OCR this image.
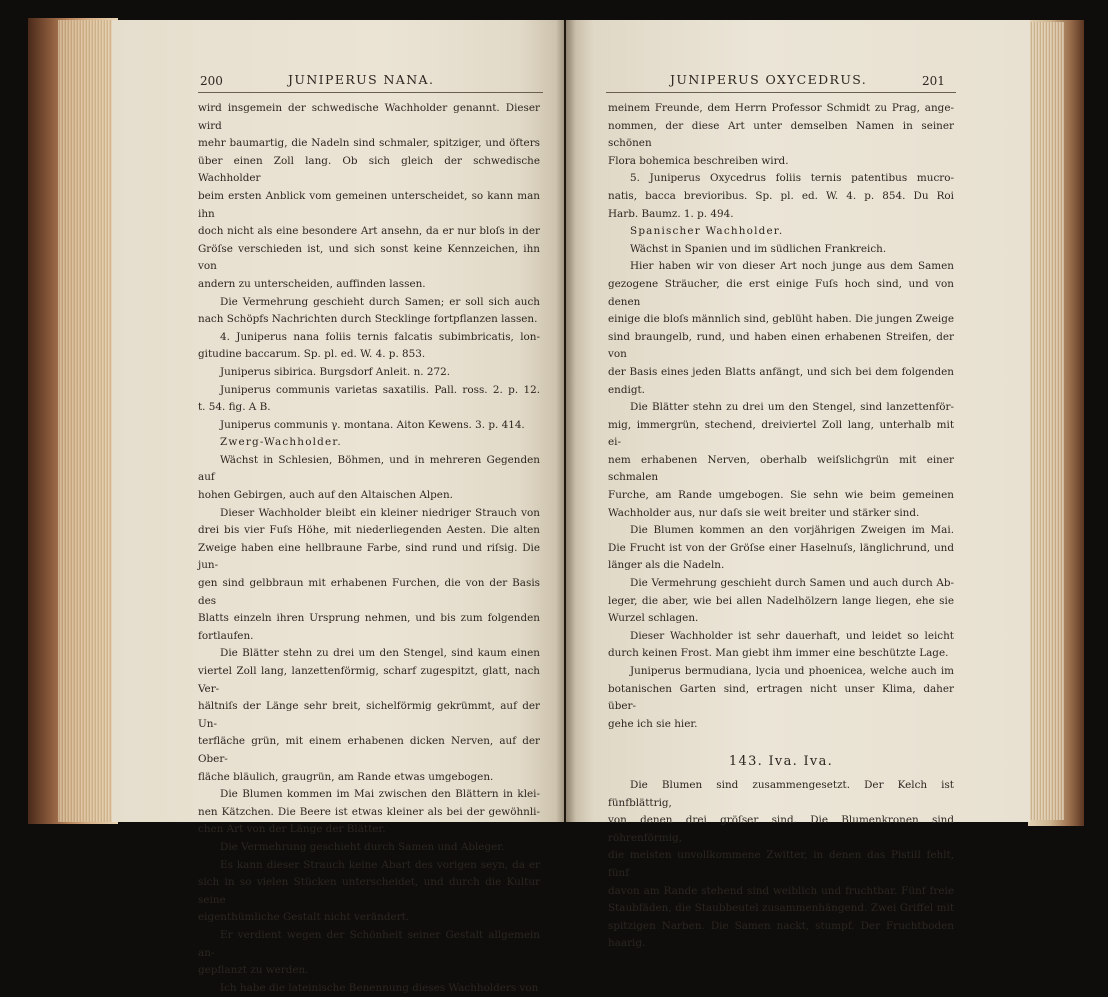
200	JUNIPERUS NANA.

wird insgemein der schwedische Wachholder genannt. Dieser wird

mehr baumartig, die Nadeln sind schmaler, spitziger, und öfters

über einen Zoll lang. Ob sich gleich der schwedische Wachholder

beim ersten Anblick vom gemeinen unterscheidet, so kann man ihn

doch nicht als eine besondere Art ansehn, da er nur bloſs in der

Gröſse verschieden ist, und sich sonst keine Kennzeichen, ihn von

andern zu unterscheiden, auffinden lassen.

Die Vermehrung geschieht durch Samen; er soll sich auch

nach Schöpfs Nachrichten durch Stecklinge fortpflanzen lassen.

4. Juniperus nana foliis ternis falcatis subimbricatis, lon-

gitudine baccarum. Sp. pl. ed. W. 4. p. 853.

Juniperus sibirica. Burgsdorf Anleit. n. 272.

Juniperus communis varietas saxatilis. Pall. ross. 2. p. 12.

t. 54. fig. A B.

Juniperus communis γ. montana. Aiton Kewens. 3. p. 414.

Zwerg-Wachholder.

Wächst in Schlesien, Böhmen, und in mehreren Gegenden auf

hohen Gebirgen, auch auf den Altaischen Alpen.

Dieser Wachholder bleibt ein kleiner niedriger Strauch von

drei bis vier Fuſs Höhe, mit niederliegenden Aesten. Die alten

Zweige haben eine hellbraune Farbe, sind rund und riſsig. Die jun-

gen sind gelbbraun mit erhabenen Furchen, die von der Basis des

Blatts einzeln ihren Ursprung nehmen, und bis zum folgenden

fortlaufen.

Die Blätter stehn zu drei um den Stengel, sind kaum einen

viertel Zoll lang, lanzettenförmig, scharf zugespitzt, glatt, nach Ver-

hältniſs der Länge sehr breit, sichelförmig gekrümmt, auf der Un-

terfläche grün, mit einem erhabenen dicken Nerven, auf der Ober-

fläche bläulich, graugrün, am Rande etwas umgebogen.

Die Blumen kommen im Mai zwischen den Blättern in klei-

nen Kätzchen. Die Beere ist etwas kleiner als bei der gewöhnli-

chen Art von der Länge der Blätter.

Die Vermehrung geschieht durch Samen und Ableger.

Es kann dieser Strauch keine Abart des vorigen seyn, da er

sich in so vielen Stücken unterscheidet, und durch die Kultur seine

eigenthümliche Gestalt nicht verändert.

Er verdient wegen der Schönheit seiner Gestalt allgemein an-

gepflanzt zu werden.

Ich habe die lateinische Benennung dieses Wachholders von

JUNIPERUS OXYCEDRUS.	201

meinem Freunde, dem Herrn Professor Schmidt zu Prag, ange-

nommen, der diese Art unter demselben Namen in seiner schönen

Flora bohemica beschreiben wird.

5. Juniperus Oxycedrus foliis ternis patentibus mucro-

natis, bacca brevioribus. Sp. pl. ed. W. 4. p. 854. Du Roi

Harb. Baumz. 1. p. 494.

Spanischer Wachholder.

Wächst in Spanien und im südlichen Frankreich.

Hier haben wir von dieser Art noch junge aus dem Samen

gezogene Sträucher, die erst einige Fuſs hoch sind, und von denen

einige die bloſs männlich sind, geblüht haben. Die jungen Zweige

sind braungelb, rund, und haben einen erhabenen Streifen, der von

der Basis eines jeden Blatts anfängt, und sich bei dem folgenden

endigt.

Die Blätter stehn zu drei um den Stengel, sind lanzettenför-

mig, immergrün, stechend, dreiviertel Zoll lang, unterhalb mit ei-

nem erhabenen Nerven, oberhalb weiſslichgrün mit einer schmalen

Furche, am Rande umgebogen. Sie sehn wie beim gemeinen

Wachholder aus, nur daſs sie weit breiter und stärker sind.

Die Blumen kommen an den vorjährigen Zweigen im Mai.

Die Frucht ist von der Gröſse einer Haselnuſs, länglichrund, und

länger als die Nadeln.

Die Vermehrung geschieht durch Samen und auch durch Ab-

leger, die aber, wie bei allen Nadelhölzern lange liegen, ehe sie

Wurzel schlagen.

Dieser Wachholder ist sehr dauerhaft, und leidet so leicht

durch keinen Frost. Man giebt ihm immer eine beschützte Lage.

Juniperus bermudiana, lycia und phoenicea, welche auch im

botanischen Garten sind, ertragen nicht unser Klima, daher über-

gehe ich sie hier.

143. Iva. Iva.

Die Blumen sind zusammengesetzt. Der Kelch ist fünfblättrig,

von denen drei gröſser sind. Die Blumenkronen sind röhrenförmig,

die meisten unvollkommene Zwitter, in denen das Pistill fehlt, fünf

davon am Rande stehend sind weiblich und fruchtbar. Fünf freie

Staubfäden, die Staubbeutel zusammenhängend. Zwei Griffel mit

spitzigen Narben. Die Samen nackt, stumpf. Der Fruchtboden

haarig.
